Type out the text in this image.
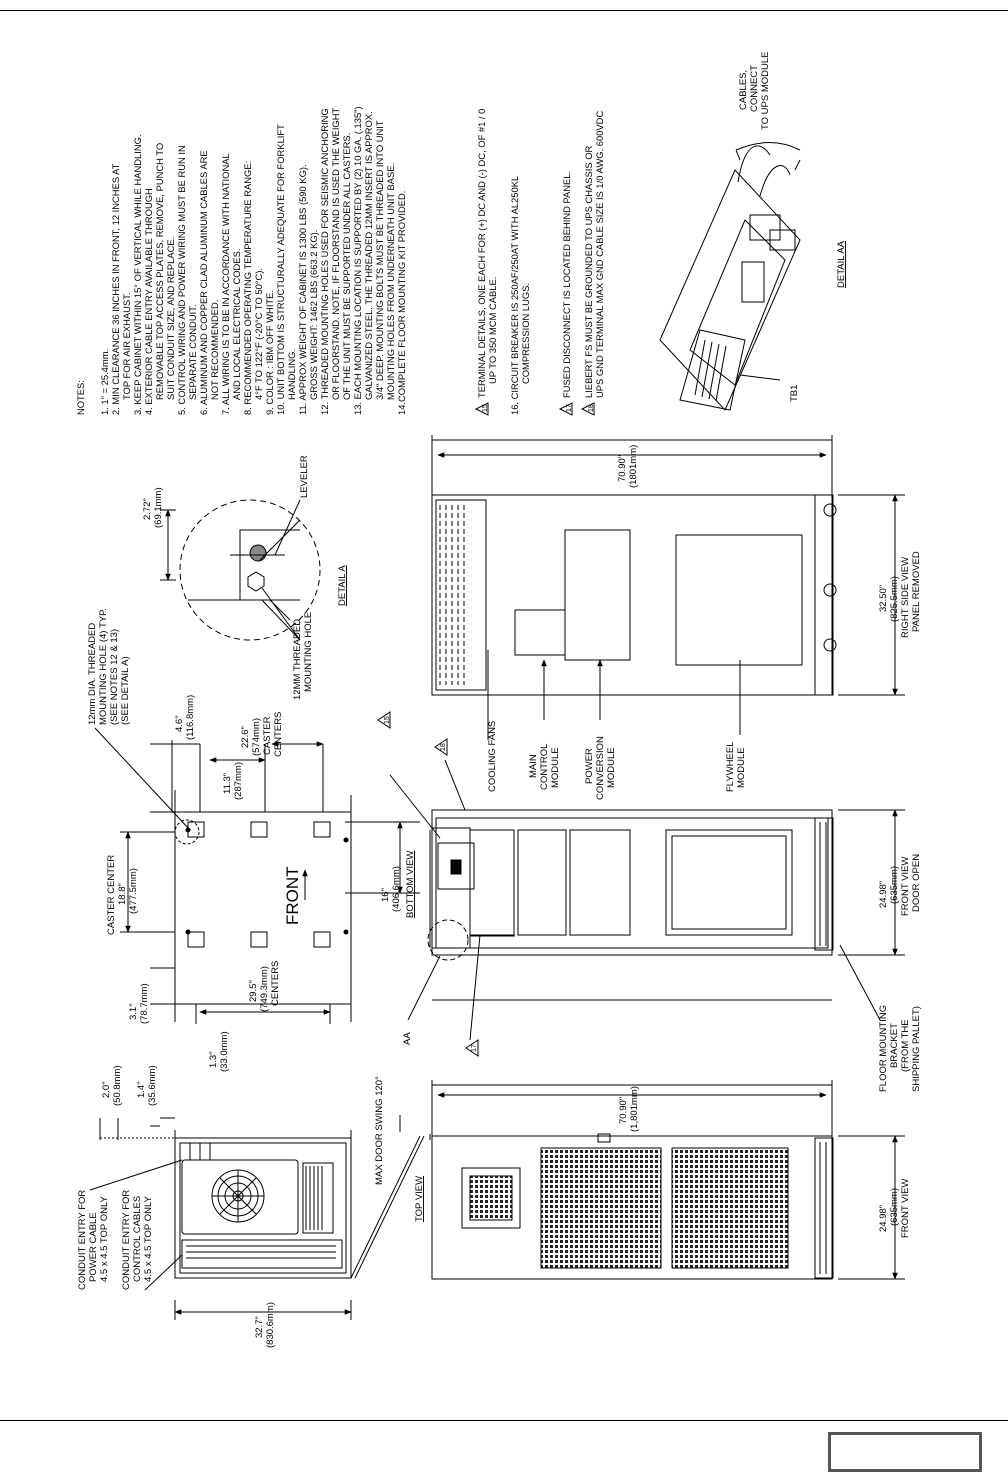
NOTES: 1. 1" = 25.4mm. 2. MIN CLEARANCE 36 INCHES IN FRONT, 12 INCHES AT TOP FOR AIR EXHAUST. 3. KEEP CABINET WITHIN 15° OF VERTICAL WHILE HANDLING. 4. EXTERIOR CABLE ENTRY AVAILABLE THROUGH REMOVABLE TOP ACCESS PLATES. REMOVE, PUNCH TO SUIT CONDUIT SIZE, AND REPLACE. 5. CONTROL WIRING AND POWER WIRING MUST BE RUN IN SEPARATE CONDUIT. 6. ALUMINUM AND COPPER CLAD ALUMINUM CABLES ARE NOT RECOMMENDED. 7. ALL WIRING IS TO BE IN ACCORDANCE WITH NATIONAL AND LOCAL ELECTRICAL CODES. 8. RECOMMENDED OPERATING TEMPERATURE RANGE: 4°F TO 122°F (-20°C TO 50°C). 9. COLOR : IBM OFF WHITE. 10. UNIT BOTTOM IS STRUCTURALLY ADEQUATE FOR FORKLIFT HANDLING. 11. APPROX WEIGHT OF CABINET IS 1300 LBS (590 KG). GROSS WEIGHT: 1462 LBS (663.2 KG). 12. THREADED MOUNTING HOLES USED FOR SEISMIC ANCHORING OR FLOORSTAND. NOTE, IF FLOORSTAND IS USED THE WEIGHT OF THE UNIT MUST BE SUPPORTED UNDER ALL CASTERS. 13. EACH MOUNTING LOCATION IS SUPPORTED BY (2) 10 GA. (.135") GALVANIZED STEEL. THE THREADED 12MM INSERT IS APPROX. 3/4" DEEP. MOUNTING BOLTS MUST BE THREADED INTO UNIT MOUNTING HOLES FROM UNDERNEATH UNIT BASE. 14.COMPLETE FLOOR MOUNTING KIT PROVIDED.	15
TERMINAL DETAILS, ONE EACH FOR (+) DC AND (-) DC, OF #1 / 0 UP TO 350 MCM CABLE. 16. CIRCUIT BREAKER IS 250AF/250AT WITH AL250KL COMPRESSION LUGS.
17
FUSED DISCONNECT IS LOCATED BEHIND PANEL.
18
LIEBERT FS MUST BE GROUNDED TO UPS CHASSIS OR UPS GND TERMINAL MAX GND CABLE SIZE IS 1/0 AWG. 600VDC
CONDUIT ENTRY FOR POWER CABLE 4.5 x 4.5 TOP ONLY CONDUIT ENTRY FOR CONTROL CABLES 4.5 x 4.5 TOP ONLY
32.7" (830.6mm)
2.0" (50.8mm) 1.4" (35.6mm)	MAX DOOR SWING 120°
TOP VIEW
1.3" (33.0mm)
3.1" (78.7mm)	29.5" (749.3mm) CENTERS
CASTER CENTER 18.8" (477.5mm)	FRONT	16" (406.6mm) BOTTOM VIEW
11.3" (287mm)
4.6" (116.8mm)	22.6" (574mm) CASTER CENTERS
12mm DIA. THREADED MOUNTING HOLE (4) TYP. (SEE NOTES 12 & 13) (SEE DETAIL A)
2.72" (69.1mm)
LEVELER
12MM THREADED MOUNTING HOLE
DETAIL A
AA
15
18
17
24.98" (635mm) FRONT VIEW DOOR OPEN
FLOOR MOUNTING BRACKET (FROM THE SHIPPING PALLET)
COOLING FANS	MAIN CONTROL MODULE POWER CONVERSION MODULE	FLYWHEEL MODULE
70.90" (1,801mm)
24.98" (635mm) FRONT VIEW
70.90" (1801mm)
32.50" (825.5mm) RIGHT SIDE VIEW PANEL REMOVED
CABLES, CONNECT TO UPS MODULE
TB1
DETAIL AA
